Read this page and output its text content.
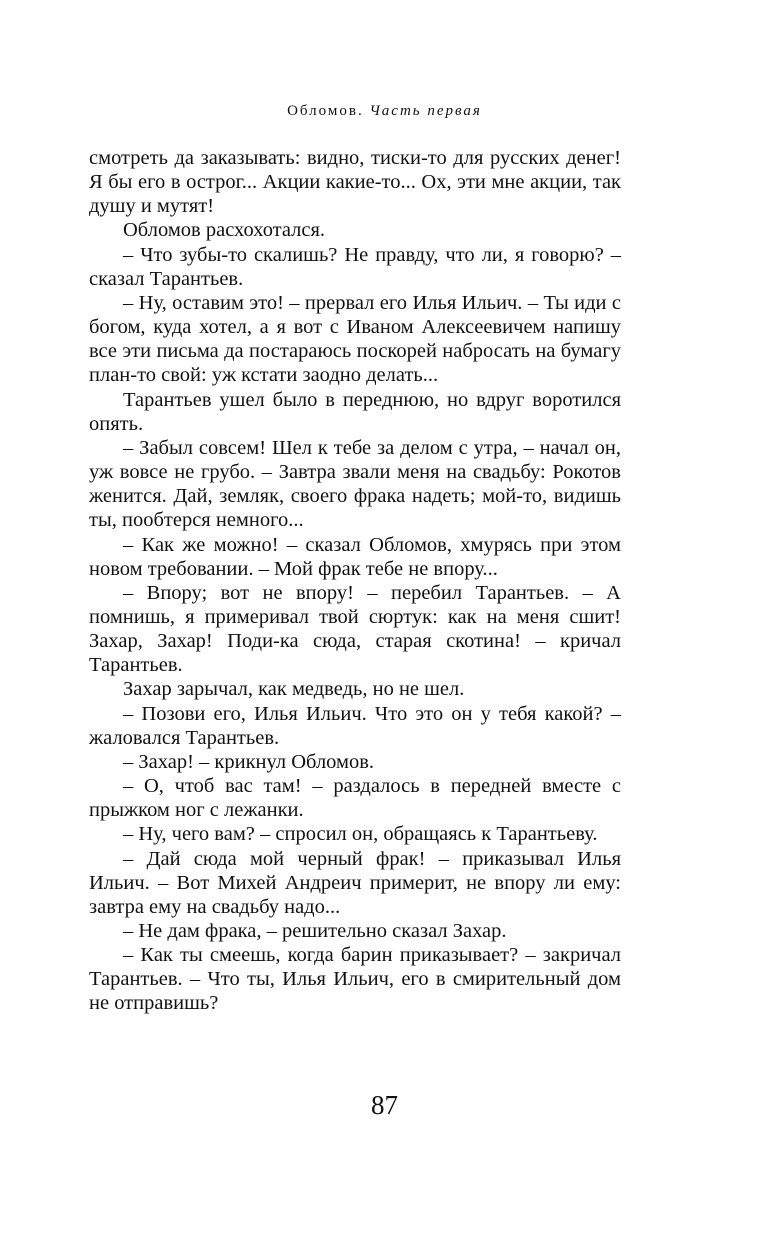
Обломов. Часть первая

смотреть да заказывать: видно, тиски-то для русских денег! Я бы его в острог... Акции какие-то... Ох, эти мне акции, так душу и мутят!

Обломов расхохотался.

– Что зубы-то скалишь? Не правду, что ли, я говорю? – сказал Тарантьев.

– Ну, оставим это! – прервал его Илья Ильич. – Ты иди с богом, куда хотел, а я вот с Иваном Алексеевичем напишу все эти письма да постараюсь поскорей набросать на бумагу план-то свой: уж кстати заодно делать...

Тарантьев ушел было в переднюю, но вдруг воротился опять.

– Забыл совсем! Шел к тебе за делом с утра, – начал он, уж вовсе не грубо. – Завтра звали меня на свадьбу: Рокотов женится. Дай, земляк, своего фрака надеть; мой-то, видишь ты, пообтерся немного...

– Как же можно! – сказал Обломов, хмурясь при этом новом требовании. – Мой фрак тебе не впору...

– Впору; вот не впору! – перебил Тарантьев. – А помнишь, я примеривал твой сюртук: как на меня сшит! Захар, Захар! Поди-ка сюда, старая скотина! – кричал Тарантьев.

Захар зарычал, как медведь, но не шел.

– Позови его, Илья Ильич. Что это он у тебя какой? – жаловался Тарантьев.

– Захар! – крикнул Обломов.

– О, чтоб вас там! – раздалось в передней вместе с прыжком ног с лежанки.

– Ну, чего вам? – спросил он, обращаясь к Тарантьеву.

– Дай сюда мой черный фрак! – приказывал Илья Ильич. – Вот Михей Андреич примерит, не впору ли ему: завтра ему на свадьбу надо...

– Не дам фрака, – решительно сказал Захар.

– Как ты смеешь, когда барин приказывает? – закричал Тарантьев. – Что ты, Илья Ильич, его в смирительный дом не отправишь?

87
